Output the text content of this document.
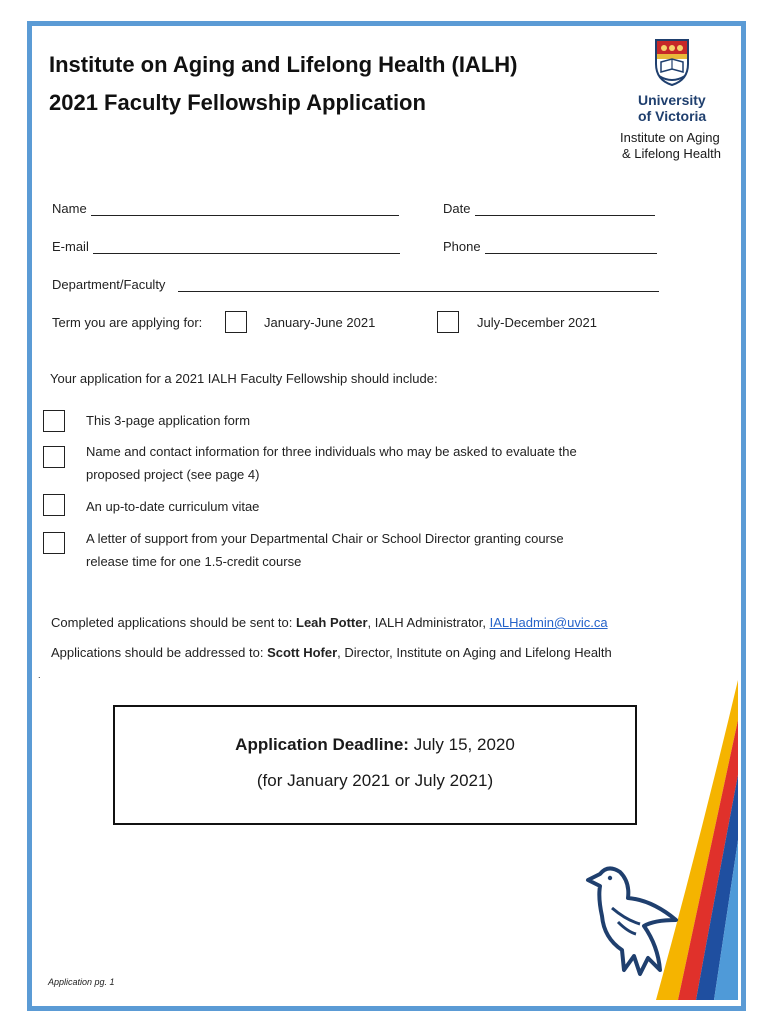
Institute on Aging and Lifelong Health (IALH)
2021 Faculty Fellowship Application	University
of Victoria
Institute on Aging
& Lifelong Health
Name	Date
E-mail	Phone
Department/Faculty
Term you are applying for:	January-June 2021	July-December 2021
Your application for a 2021 IALH Faculty Fellowship should include:
This 3-page application form
Name and contact information for three individuals who may be asked to evaluate the
proposed project (see page 4)
An up-to-date curriculum vitae
A letter of support from your Departmental Chair or School Director granting course
release time for one 1.5-credit course
Completed applications should be sent to: Leah Potter, IALH Administrator, IALHadmin@uvic.ca
Applications should be addressed to: Scott Hofer, Director, Institute on Aging and Lifelong Health
.
Application Deadline: July 15, 2020
(for January 2021 or July 2021)
Application pg. 1
